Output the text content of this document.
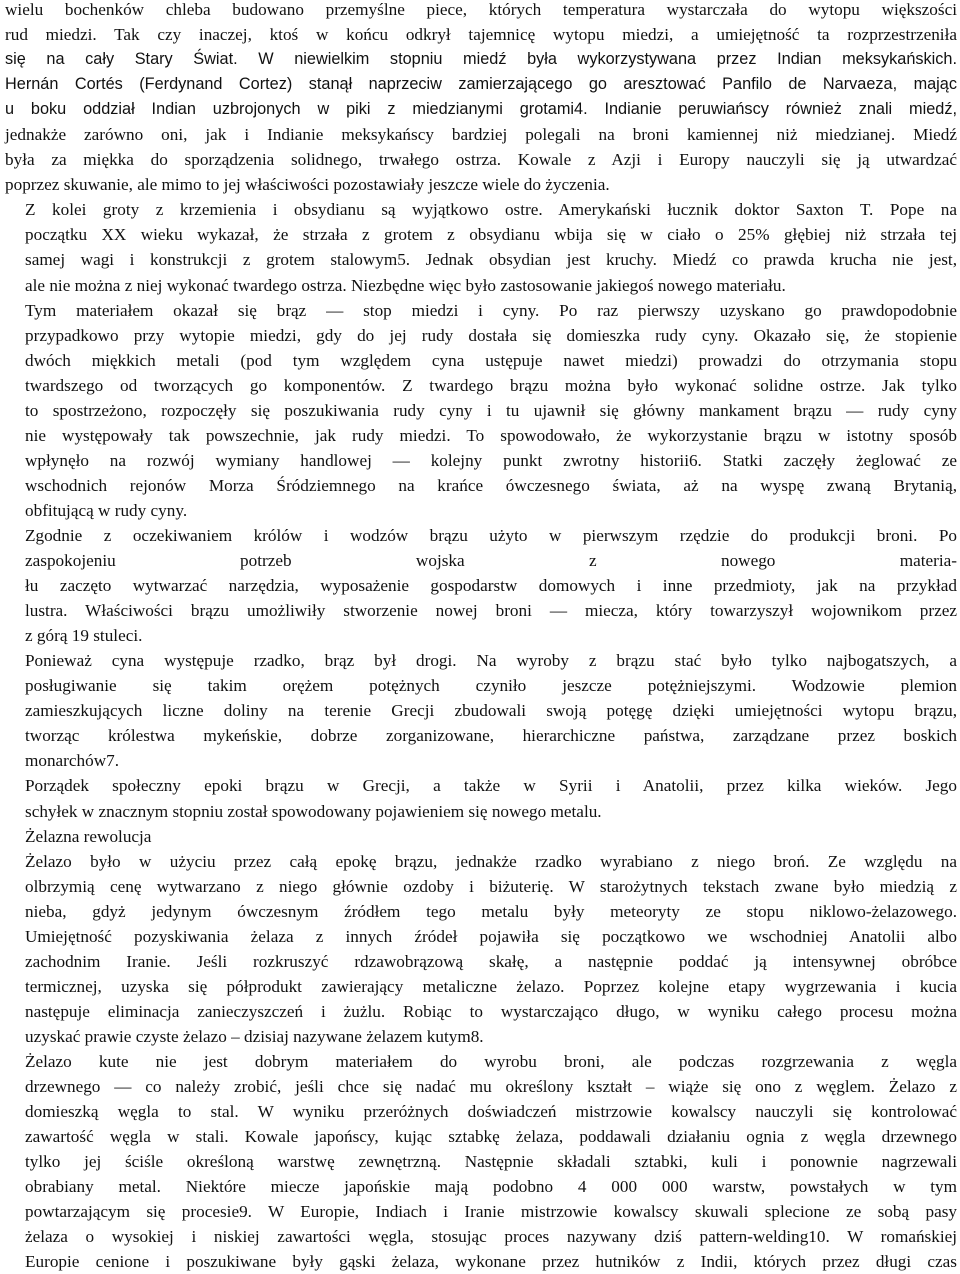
wielu bochenków chleba budowano przemyślne piece, których temperatura wystarczała do wytopu większości
rud miedzi. Tak czy inaczej, ktoś w końcu odkrył tajemnicę wytopu miedzi, a umiejętność ta rozprzestrzeniła
się na cały Stary Świat. W niewielkim stopniu miedź była wykorzystywana przez Indian meksykańskich.
Hernán Cortés (Ferdynand Cortez) stanął naprzeciw zamierzającego go aresztować Panfilo de Narvaeza, mając
u boku oddział Indian uzbrojonych w piki z miedzianymi grotami4. Indianie peruwiańscy również znali miedź,
jednakże zarówno oni, jak i Indianie meksykańscy bardziej polegali na broni kamiennej niż miedzianej. Miedź
była za miękka do sporządzenia solidnego, trwałego ostrza. Kowale z Azji i Europy nauczyli się ją utwardzać
poprzez skuwanie, ale mimo to jej właściwości pozostawiały jeszcze wiele do życzenia.
Z kolei groty z krzemienia i obsydianu są wyjątkowo ostre. Amerykański łucznik doktor Saxton T. Pope na
początku XX wieku wykazał, że strzała z grotem z obsydianu wbija się w ciało o 25% głębiej niż strzała tej
samej wagi i konstrukcji z grotem stalowym5. Jednak obsydian jest kruchy. Miedź co prawda krucha nie jest,
ale nie można z niej wykonać twardego ostrza. Niezbędne więc było zastosowanie jakiegoś nowego materiału.
Tym materiałem okazał się brąz — stop miedzi i cyny. Po raz pierwszy uzyskano go prawdopodobnie
przypadkowo przy wytopie miedzi, gdy do jej rudy dostała się domieszka rudy cyny. Okazało się, że stopienie
dwóch miękkich metali (pod tym względem cyna ustępuje nawet miedzi) prowadzi do otrzymania stopu
twardszego od tworzących go komponentów. Z twardego brązu można było wykonać solidne ostrze. Jak tylko
to spostrzeżono, rozpoczęły się poszukiwania rudy cyny i tu ujawnił się główny mankament brązu — rudy cyny
nie występowały tak powszechnie, jak rudy miedzi. To spowodowało, że wykorzystanie brązu w istotny sposób
wpłynęło na rozwój wymiany handlowej — kolejny punkt zwrotny historii6. Statki zaczęły żeglować ze
wschodnich rejonów Morza Śródziemnego na krańce ówczesnego świata, aż na wyspę zwaną Brytanią,
obfitującą w rudy cyny.
Zgodnie z oczekiwaniem królów i wodzów brązu użyto w pierwszym rzędzie do produkcji broni. Po
zaspokojeniu potrzeb wojska z nowego materia-
łu zaczęto wytwarzać narzędzia, wyposażenie gospodarstw domowych i inne przedmioty, jak na przykład
lustra. Właściwości brązu umożliwiły stworzenie nowej broni — miecza, który towarzyszył wojownikom przez
z górą 19 stuleci.
Ponieważ cyna występuje rzadko, brąz był drogi. Na wyroby z brązu stać było tylko najbogatszych, a
posługiwanie się takim orężem potężnych czyniło jeszcze potężniejszymi. Wodzowie plemion
zamieszkujących liczne doliny na terenie Grecji zbudowali swoją potęgę dzięki umiejętności wytopu brązu,
tworząc królestwa mykeńskie, dobrze zorganizowane, hierarchiczne państwa, zarządzane przez boskich
monarchów7.
Porządek społeczny epoki brązu w Grecji, a także w Syrii i Anatolii, przez kilka wieków. Jego
schyłek w znacznym stopniu został spowodowany pojawieniem się nowego metalu.
Żelazna rewolucja
Żelazo było w użyciu przez całą epokę brązu, jednakże rzadko wyrabiano z niego broń. Ze względu na
olbrzymią cenę wytwarzano z niego głównie ozdoby i biżuterię. W starożytnych tekstach zwane było miedzią z
nieba, gdyż jedynym ówczesnym źródłem tego metalu były meteoryty ze stopu niklowo-żelazowego.
Umiejętność pozyskiwania żelaza z innych źródeł pojawiła się początkowo we wschodniej Anatolii albo
zachodnim Iranie. Jeśli rozkruszyć rdzawobrązową skałę, a następnie poddać ją intensywnej obróbce
termicznej, uzyska się półprodukt zawierający metaliczne żelazo. Poprzez kolejne etapy wygrzewania i kucia
następuje eliminacja zanieczyszczeń i żużlu. Robiąc to wystarczająco długo, w wyniku całego procesu można
uzyskać prawie czyste żelazo – dzisiaj nazywane żelazem kutym8.
Żelazo kute nie jest dobrym materiałem do wyrobu broni, ale podczas rozgrzewania z węgla
drzewnego — co należy zrobić, jeśli chce się nadać mu określony kształt – wiąże się ono z węglem. Żelazo z
domieszką węgla to stal. W wyniku przeróżnych doświadczeń mistrzowie kowalscy nauczyli się kontrolować
zawartość węgla w stali. Kowale japońscy, kując sztabkę żelaza, poddawali działaniu ognia z węgla drzewnego
tylko jej ściśle określoną warstwę zewnętrzną. Następnie składali sztabki, kuli i ponownie nagrzewali
obrabiany metal. Niektóre miecze japońskie mają podobno 4 000 000 warstw, powstałych w tym
powtarzającym się procesie9. W Europie, Indiach i Iranie mistrzowie kowalscy skuwali splecione ze sobą pasy
żelaza o wysokiej i niskiej zawartości węgla, stosując proces nazywany dziś pattern-welding10. W romańskiej
Europie cenione i poszukiwane były gąski żelaza, wykonane przez hutników z Indii, których przez długi czas
